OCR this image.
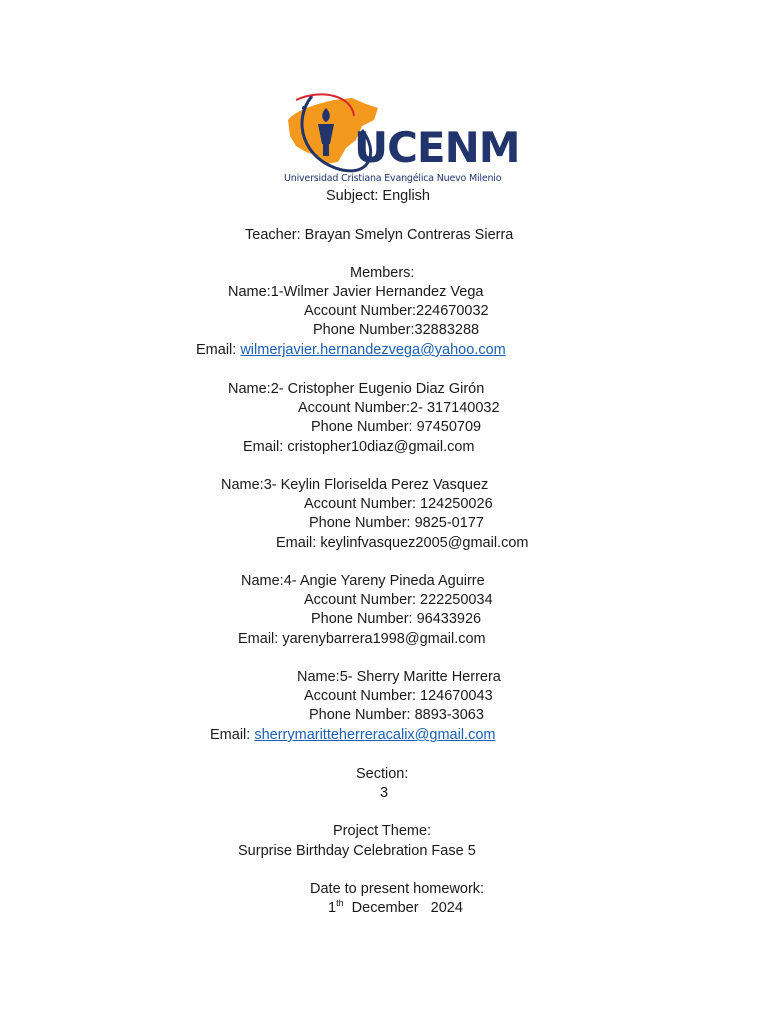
UCENM
Universidad Cristiana Evangélica Nuevo Milenio
Subject: English
Teacher: Brayan Smelyn Contreras Sierra
Members:
Name:1-Wilmer Javier Hernandez Vega
Account Number:224670032
Phone Number:32883288
Email: wilmerjavier.hernandezvega@yahoo.com
Name:2- Cristopher Eugenio Diaz Girón
Account Number:2- 317140032
Phone Number: 97450709
Email: cristopher10diaz@gmail.com
Name:3- Keylin Floriselda Perez Vasquez
Account Number: 124250026
Phone Number: 9825-0177
Email: keylinfvasquez2005@gmail.com
Name:4- Angie Yareny Pineda Aguirre
Account Number: 222250034
Phone Number: 96433926
Email: yarenybarrera1998@gmail.com
Name:5- Sherry Maritte Herrera
Account Number: 124670043
Phone Number: 8893-3063
Email: sherrymaritteherreracalix@gmail.com
Section:
3
Project Theme:
Surprise Birthday Celebration Fase 5
Date to present homework:
1th December   2024
